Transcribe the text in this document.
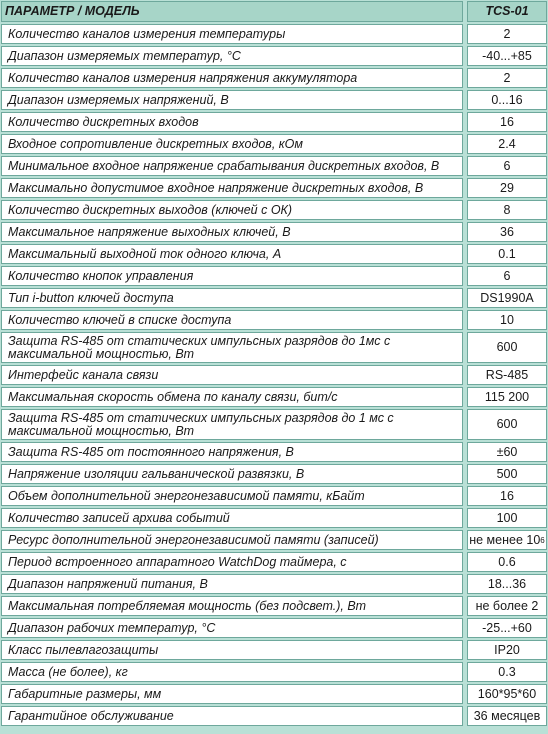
ПАРАМЕТР / МОДЕЛЬ	TCS-01
Количество каналов измерения температуры	2
Диапазон измеряемых температур, °С	-40...+85
Количество каналов измерения напряжения аккумулятора	2
Диапазон измеряемых напряжений, В	0...16
Количество дискретных входов	16
Входное сопротивление дискретных входов, кОм	2.4
Минимальное входное напряжение срабатывания дискретных входов, В	6
Максимально допустимое входное напряжение дискретных входов, В	29
Количество дискретных выходов (ключей с ОК)	8
Максимальное напряжение выходных ключей, В	36
Максимальный выходной ток одного ключа, А	0.1
Количество кнопок управления	6
Тип i-button ключей доступа	DS1990A
Количество ключей в списке доступа	10
Защита RS-485 от статических импульсных разрядов до 1мс с максимальной мощностью, Вт	600
Интерфейс канала связи	RS-485
Максимальная скорость обмена по каналу связи, бит/с	115 200
Защита RS-485 от статических импульсных разрядов до 1 мс с максимальной мощностью, Вт	600
Защита RS-485 от постоянного напряжения, В	±60
Напряжение изоляции гальванической развязки, В	500
Объем дополнительной энергонезависимой памяти, кБайт	16
Количество записей архива событий	100
Ресурс дополнительной энергонезависимой памяти (записей)	не менее 10 6
Период встроенного аппаратного WatchDog таймера, с	0.6
Диапазон напряжений питания, В	18...36
Максимальная потребляемая мощность (без подсвет.), Вт	не более 2
Диапазон рабочих температур, °С	-25...+60
Класс пылевлагозащиты	IP20
Масса (не более), кг	0.3
Габаритные размеры, мм	160*95*60
Гарантийное обслуживание	36 месяцев
